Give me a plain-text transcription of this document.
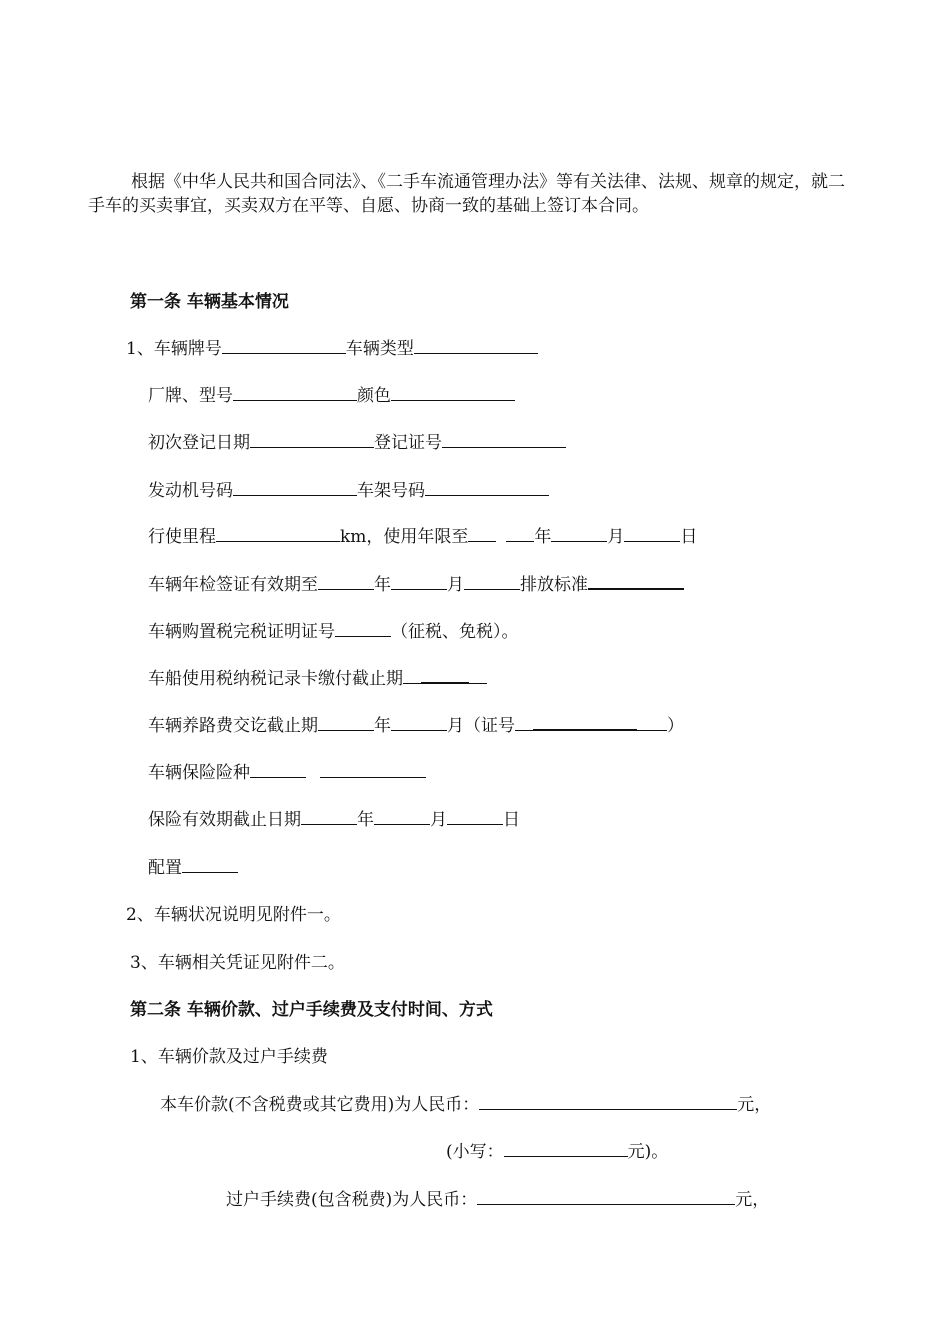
根据《中华人民共和国合同法》、《二手车流通管理办法》等有关法律、法规、规章的规定，就二手车的买卖事宜，买卖双方在平等、自愿、协商一致的基础上签订本合同。
第一条 车辆基本情况
1、车辆牌号	车辆类型
厂牌、型号	颜色
初次登记日期	登记证号
发动机号码	车架号码
行使里程	km，使用年限至	年	月	日
车辆年检签证有效期至	年	月	排放标准
车辆购置税完税证明证号	（征税、免税）。
车船使用税纳税记录卡缴付截止期
车辆养路费交讫截止期	年	月（证号	）
车辆保险险种
保险有效期截止日期	年	月	日
配置
2、车辆状况说明见附件一。
3、车辆相关凭证见附件二。
第二条 车辆价款、过户手续费及支付时间、方式
1、车辆价款及过户手续费
本车价款(不含税费或其它费用)为人民币：	元，
(小写：	元)。
过户手续费(包含税费)为人民币：	元，
